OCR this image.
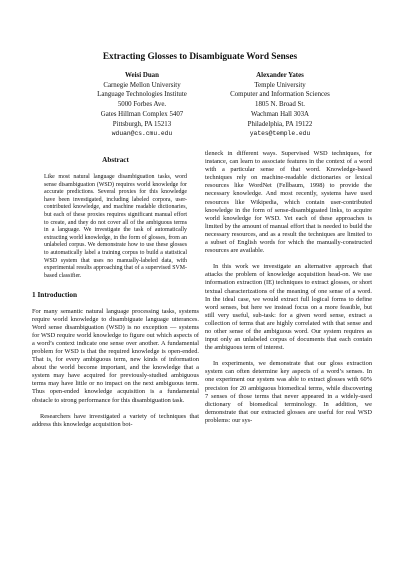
Extracting Glosses to Disambiguate Word Senses
Weisi Duan
Carnegie Mellon University
Language Technologies Institute
5000 Forbes Ave.
Gates Hillman Complex 5407
Pittsburgh, PA 15213
wduan@cs.cmu.edu
Alexander Yates
Temple University
Computer and Information Sciences
1805 N. Broad St.
Wachman Hall 303A
Philadelphia, PA 19122
yates@temple.edu
Abstract
Like most natural language disambiguation tasks, word sense disambiguation (WSD) requires world knowledge for accurate predictions. Several proxies for this knowledge have been investigated, including labeled corpora, user-contributed knowledge, and machine readable dictionaries, but each of these proxies requires significant manual effort to create, and they do not cover all of the ambiguous terms in a language. We investigate the task of automatically extracting world knowledge, in the form of glosses, from an unlabeled corpus. We demonstrate how to use these glosses to automatically label a training corpus to build a statistical WSD system that uses no manually-labeled data, with experimental results approaching that of a supervised SVM-based classifier.
1 Introduction
For many semantic natural language processing tasks, systems require world knowledge to disambiguate language utterances. Word sense disambiguation (WSD) is no exception — systems for WSD require world knowledge to figure out which aspects of a word’s context indicate one sense over another. A fundamental problem for WSD is that the required knowledge is open-ended. That is, for every ambiguous term, new kinds of information about the world become important, and the knowledge that a system may have acquired for previously-studied ambiguous terms may have little or no impact on the next ambiguous term. Thus open-ended knowledge acquisition is a fundamental obstacle to strong performance for this disambiguation task.
Researchers have investigated a variety of techniques that address this knowledge acquisition bot-
tleneck in different ways. Supervised WSD techniques, for instance, can learn to associate features in the context of a word with a particular sense of that word. Knowledge-based techniques rely on machine-readable dictionaries or lexical resources like WordNet (Fellbaum, 1998) to provide the necessary knowledge. And most recently, systems have used resources like Wikipedia, which contain user-contributed knowledge in the form of sense-disambiguated links, to acquire world knowledge for WSD. Yet each of these approaches is limited by the amount of manual effort that is needed to build the necessary resources, and as a result the techniques are limited to a subset of English words for which the manually-constructed resources are available.
In this work we investigate an alternative approach that attacks the problem of knowledge acquisition head-on. We use information extraction (IE) techniques to extract glosses, or short textual characterizations of the meaning of one sense of a word. In the ideal case, we would extract full logical forms to define word senses, but here we instead focus on a more feasible, but still very useful, sub-task: for a given word sense, extract a collection of terms that are highly correlated with that sense and no other sense of the ambiguous word. Our system requires as input only an unlabeled corpus of documents that each contain the ambiguous term of interest.
In experiments, we demonstrate that our gloss extraction system can often determine key aspects of a word’s senses. In one experiment our system was able to extract glosses with 60% precision for 20 ambiguous biomedical terms, while discovering 7 senses of those terms that never appeared in a widely-used dictionary of biomedical terminology. In addition, we demonstrate that our extracted glosses are useful for real WSD problems: our sys-
